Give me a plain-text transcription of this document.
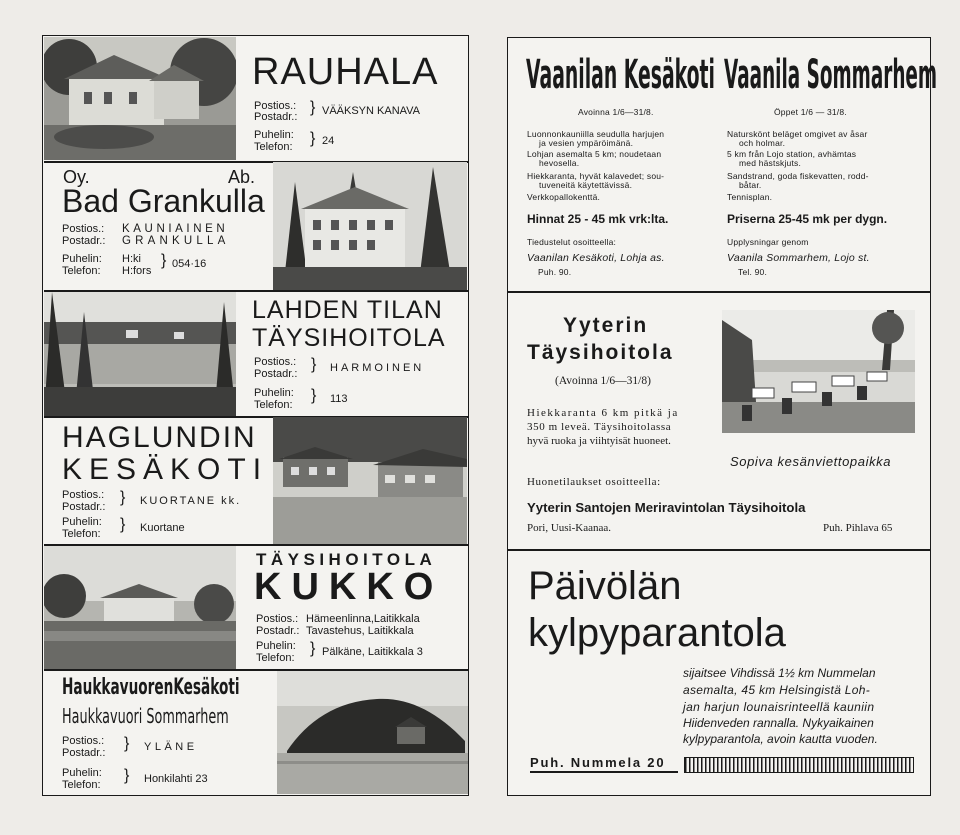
RAUHALA
Postios.:
Postadr.:
} VÄÄKSYN KANAVA
Puhelin:
Telefon: } 24
Oy.	Ab.
Bad Grankulla
Postios.: KAUNIAINEN
Postadr.: GRANKULLA
Puhelin: H:ki
Telefon: H:fors
} 054·16
LAHDEN TILAN
TÄYSIHOITOLA
Postios.:
Postadr.:
} HARMOINEN
Puhelin:
Telefon:
} 113
HAGLUNDIN
KESÄKOTI
Postios.:
Postadr.:
} KUORTANE kk.
Puhelin:
Telefon:
} Kuortane
TÄYSIHOITOLA
KUKKO
Postios.: Hämeenlinna,Laitikkala
Postadr.: Tavastehus, Laitikkala
Puhelin:
Telefon:
} Pälkäne, Laitikkala 3
HaukkavuorenKesäkoti
Haukkavuori Sommarhem
Postios.:
Postadr.:
} YLÄNE
Puhelin:
Telefon:
} Honkilahti 23
Vaanilan Kesäkoti Vaanila Sommarhem
Avoinna 1/6—31/8.
Luonnonkauniilla seudulla harjujen
ja vesien ympäröimänä.
Lohjan asemalta 5 km; noudetaan
hevosella.
Hiekkaranta, hyvät kalavedet; sou-
tuveneitä käytettävissä.
Verkkopallokenttä.
Hinnat 25 - 45 mk vrk:lta.
Tiedustelut osoitteella:
Vaanilan Kesäkoti, Lohja as.
Puh. 90.
Öppet 1/6 — 31/8.
Naturskönt beläget omgivet av åsar
och holmar.
5 km från Lojo station, avhämtas
med hästskjuts.
Sandstrand, goda fiskevatten, rodd-
båtar.
Tennisplan.
Priserna 25-45 mk per dygn.
Upplysningar genom
Vaanila Sommarhem, Lojo st.
Tel. 90.
Yyterin
Täysihoitola
(Avoinna 1/6—31/8)
Hiekkaranta 6 km pitkä ja
350 m leveä. Täysihoitolassa
hyvä ruoka ja viihtyisät huoneet.
Sopiva kesänviettopaikka
Huonetilaukset osoitteella:
Yyterin Santojen Meriravintolan Täysihoitola
Pori, Uusi-Kaanaa.	Puh. Pihlava 65
Päivölän
kylpyparantola
sijaitsee Vihdissä 1½ km Nummelan
asemalta, 45 km Helsingistä Loh-
jan harjun lounaisrinteellä kauniin
Hiidenveden rannalla. Nykyaikainen
kylpyparantola, avoin kautta vuoden.
Puh. Nummela 20
